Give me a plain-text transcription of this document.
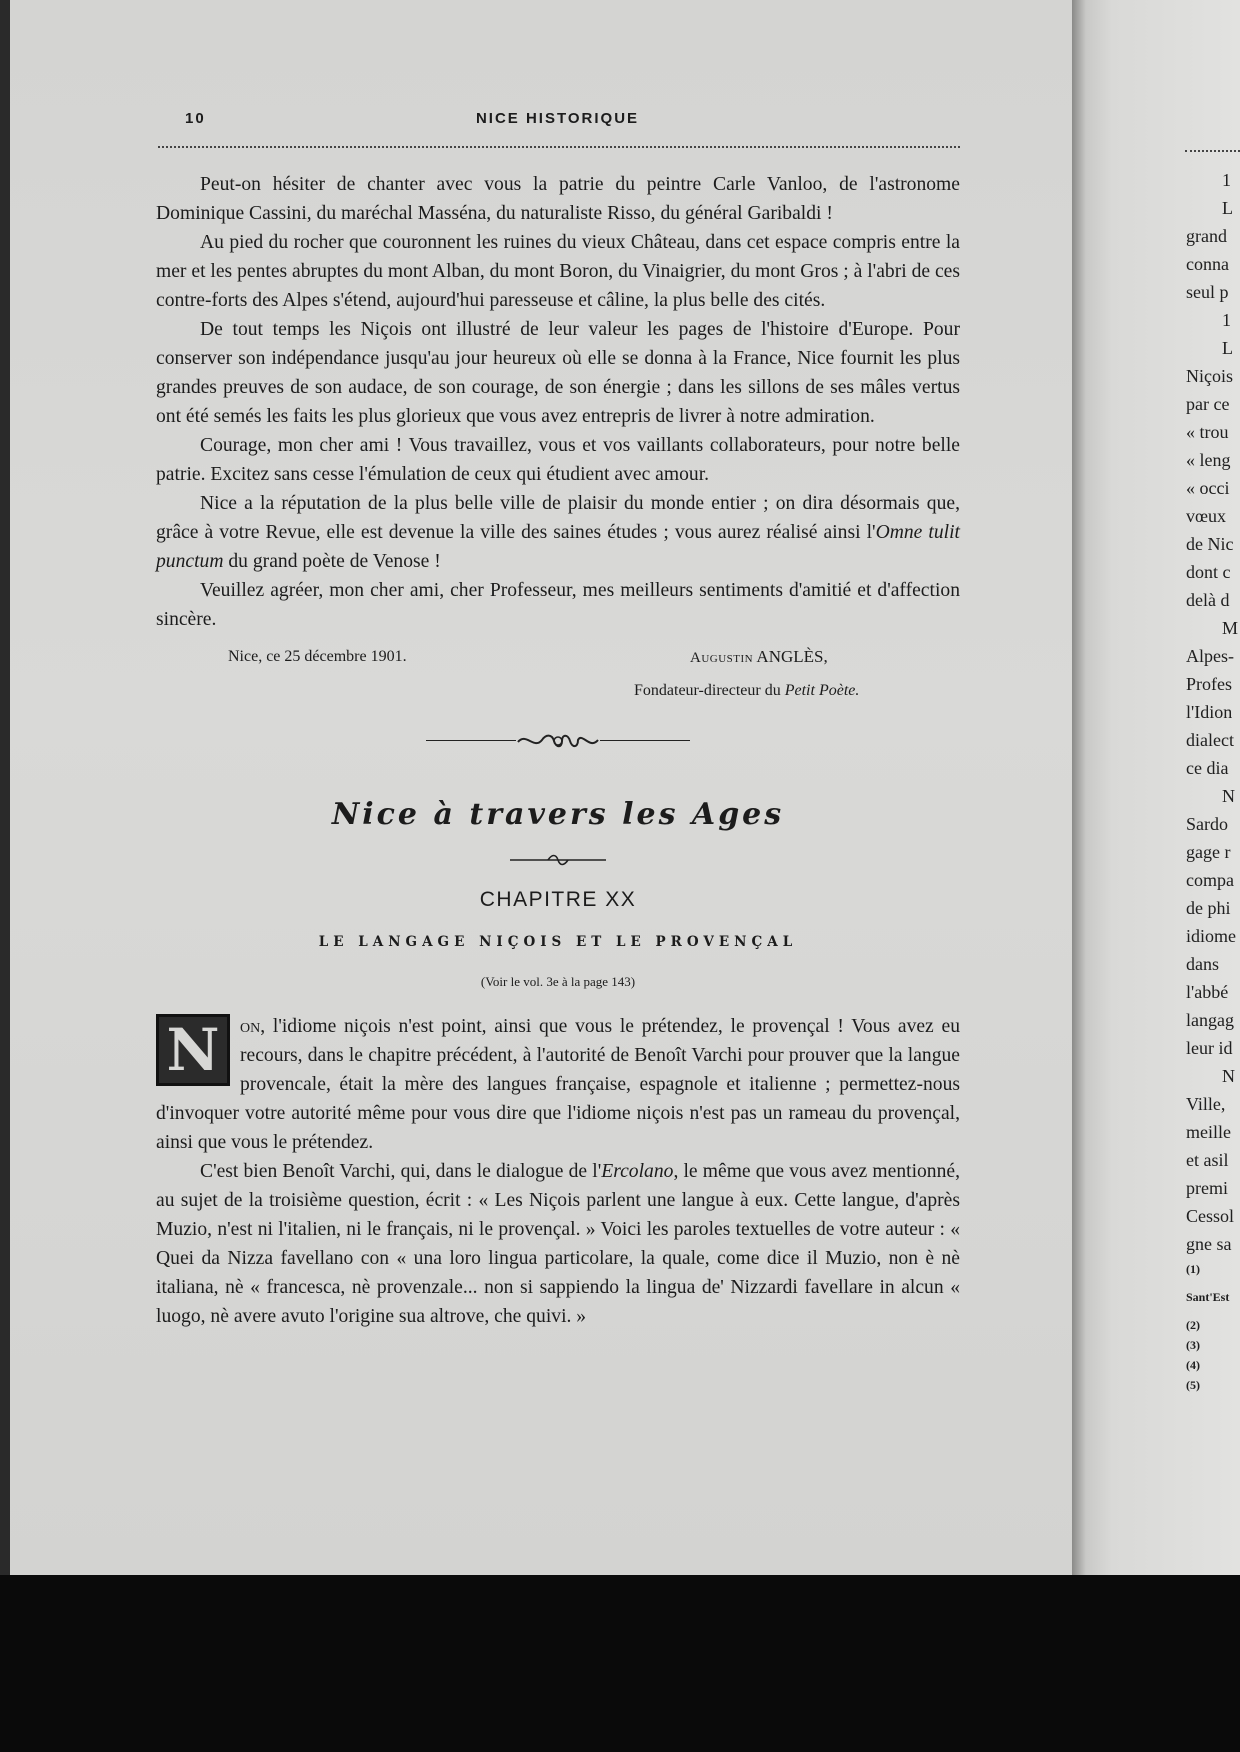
10	NICE HISTORIQUE

Peut-on hésiter de chanter avec vous la patrie du peintre Carle Vanloo, de l'astronome Dominique Cassini, du maréchal Masséna, du naturaliste Risso, du général Garibaldi !

Au pied du rocher que couronnent les ruines du vieux Château, dans cet espace compris entre la mer et les pentes abruptes du mont Alban, du mont Boron, du Vinaigrier, du mont Gros ; à l'abri de ces contre-forts des Alpes s'étend, aujourd'hui paresseuse et câline, la plus belle des cités.

De tout temps les Niçois ont illustré de leur valeur les pages de l'histoire d'Europe. Pour conserver son indépendance jusqu'au jour heureux où elle se donna à la France, Nice fournit les plus grandes preuves de son audace, de son courage, de son énergie ; dans les sillons de ses mâles vertus ont été semés les faits les plus glorieux que vous avez entrepris de livrer à notre admiration.

Courage, mon cher ami ! Vous travaillez, vous et vos vaillants collaborateurs, pour notre belle patrie. Excitez sans cesse l'émulation de ceux qui étudient avec amour.

Nice a la réputation de la plus belle ville de plaisir du monde entier ; on dira désormais que, grâce à votre Revue, elle est devenue la ville des saines études ; vous aurez réalisé ainsi l'Omne tulit punctum du grand poète de Venose !

Veuillez agréer, mon cher ami, cher Professeur, mes meilleurs sentiments d'amitié et d'affection sincère.

Nice, ce 25 décembre 1901.	Augustin ANGLÈS,
Fondateur-directeur du Petit Poète.
Nice à travers les Ages
CHAPITRE XX
LE LANGAGE NIÇOIS ET LE PROVENÇAL
(Voir le vol. 3e à la page 143)
N	on, l'idiome niçois n'est point, ainsi que vous le prétendez, le provençal ! Vous avez eu recours, dans le chapitre précédent, à l'autorité de Benoît Varchi pour prouver que la langue provencale, était la mère des langues française, espagnole et italienne ; permettez-nous d'invoquer votre autorité même pour vous dire que l'idiome niçois n'est pas un rameau du provençal, ainsi que vous le prétendez.

C'est bien Benoît Varchi, qui, dans le dialogue de l'Ercolano, le même que vous avez mentionné, au sujet de la troisième question, écrit : « Les Niçois parlent une langue à eux. Cette langue, d'après Muzio, n'est ni l'italien, ni le français, ni le provençal. » Voici les paroles textuelles de votre auteur : « Quei da Nizza favellano con « una loro lingua particolare, la quale, come dice il Muzio, non è nè italiana, nè « francesca, nè provenzale... non si sappiendo la lingua de' Nizzardi favellare in alcun « luogo, nè avere avuto l'origine sua altrove, che quivi. »

1
L
grand
conna
seul p
1
L
Niçois
par ce
« trou
« leng
« occi
vœux
de Nic
dont c
delà d
M
Alpes-
Profes
l'Idion
dialect
ce dia
N
Sardo
gage r
compa
de phi
idiome
dans
l'abbé
langag
leur id
N
Ville,
meille
et asil
premi
Cessol
gne sa
(1)
Sant'Est
(2)
(3)
(4)
(5)
